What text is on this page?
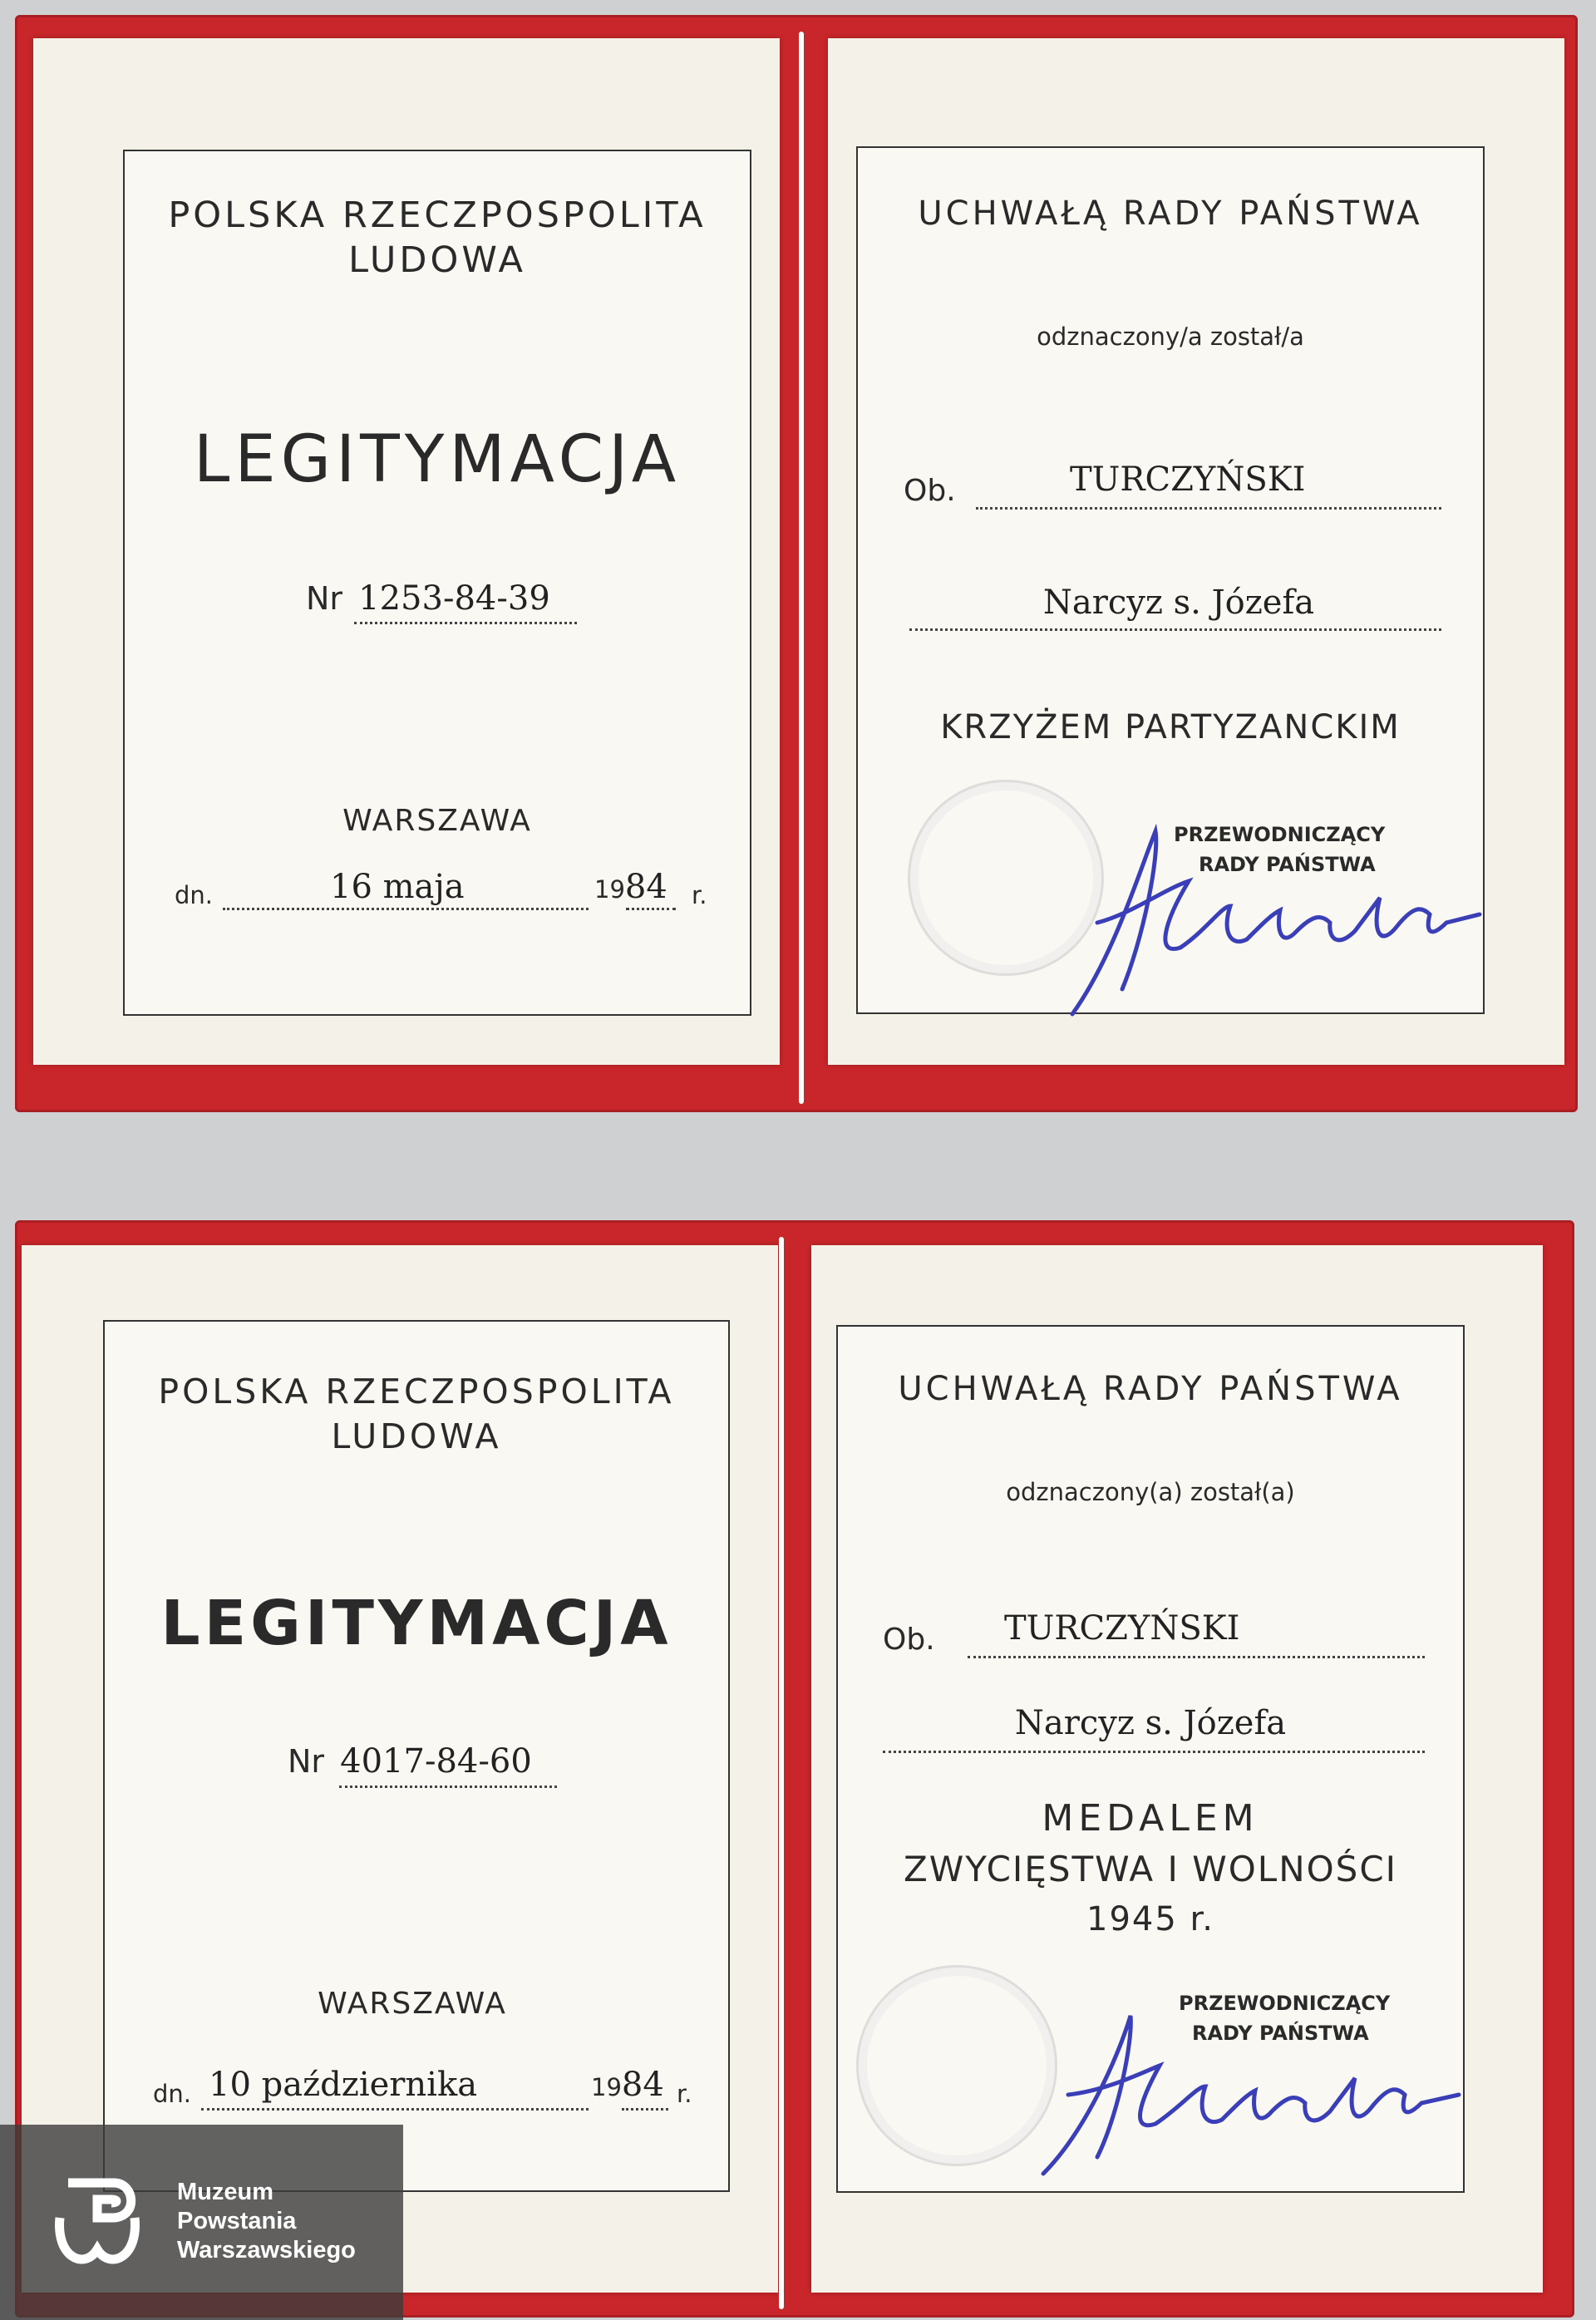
POLSKA RZECZPOSPOLITA
LUDOWA
LEGITYMACJA
Nr 1253-84-39
WARSZAWA
dn.	16 maja	1984 r.
UCHWAŁĄ RADY PAŃSTWA
odznaczony/a został/a
Ob.	TURCZYŃSKI
Narcyz s. Józefa
KRZYŻEM PARTYZANCKIM
PRZEWODNICZĄCY
RADY PAŃSTWA
POLSKA RZECZPOSPOLITA
LUDOWA
LEGITYMACJA
Nr 4017-84-60
WARSZAWA
dn. 10 października	1984 r.
UCHWAŁĄ RADY PAŃSTWA
odznaczony(a) został(a)
Ob. TURCZYŃSKI
Narcyz s. Józefa
MEDALEM
ZWYCIĘSTWA I WOLNOŚCI
1945 r.
PRZEWODNICZĄCY
RADY PAŃSTWA
Muzeum
Powstania
Warszawskiego
